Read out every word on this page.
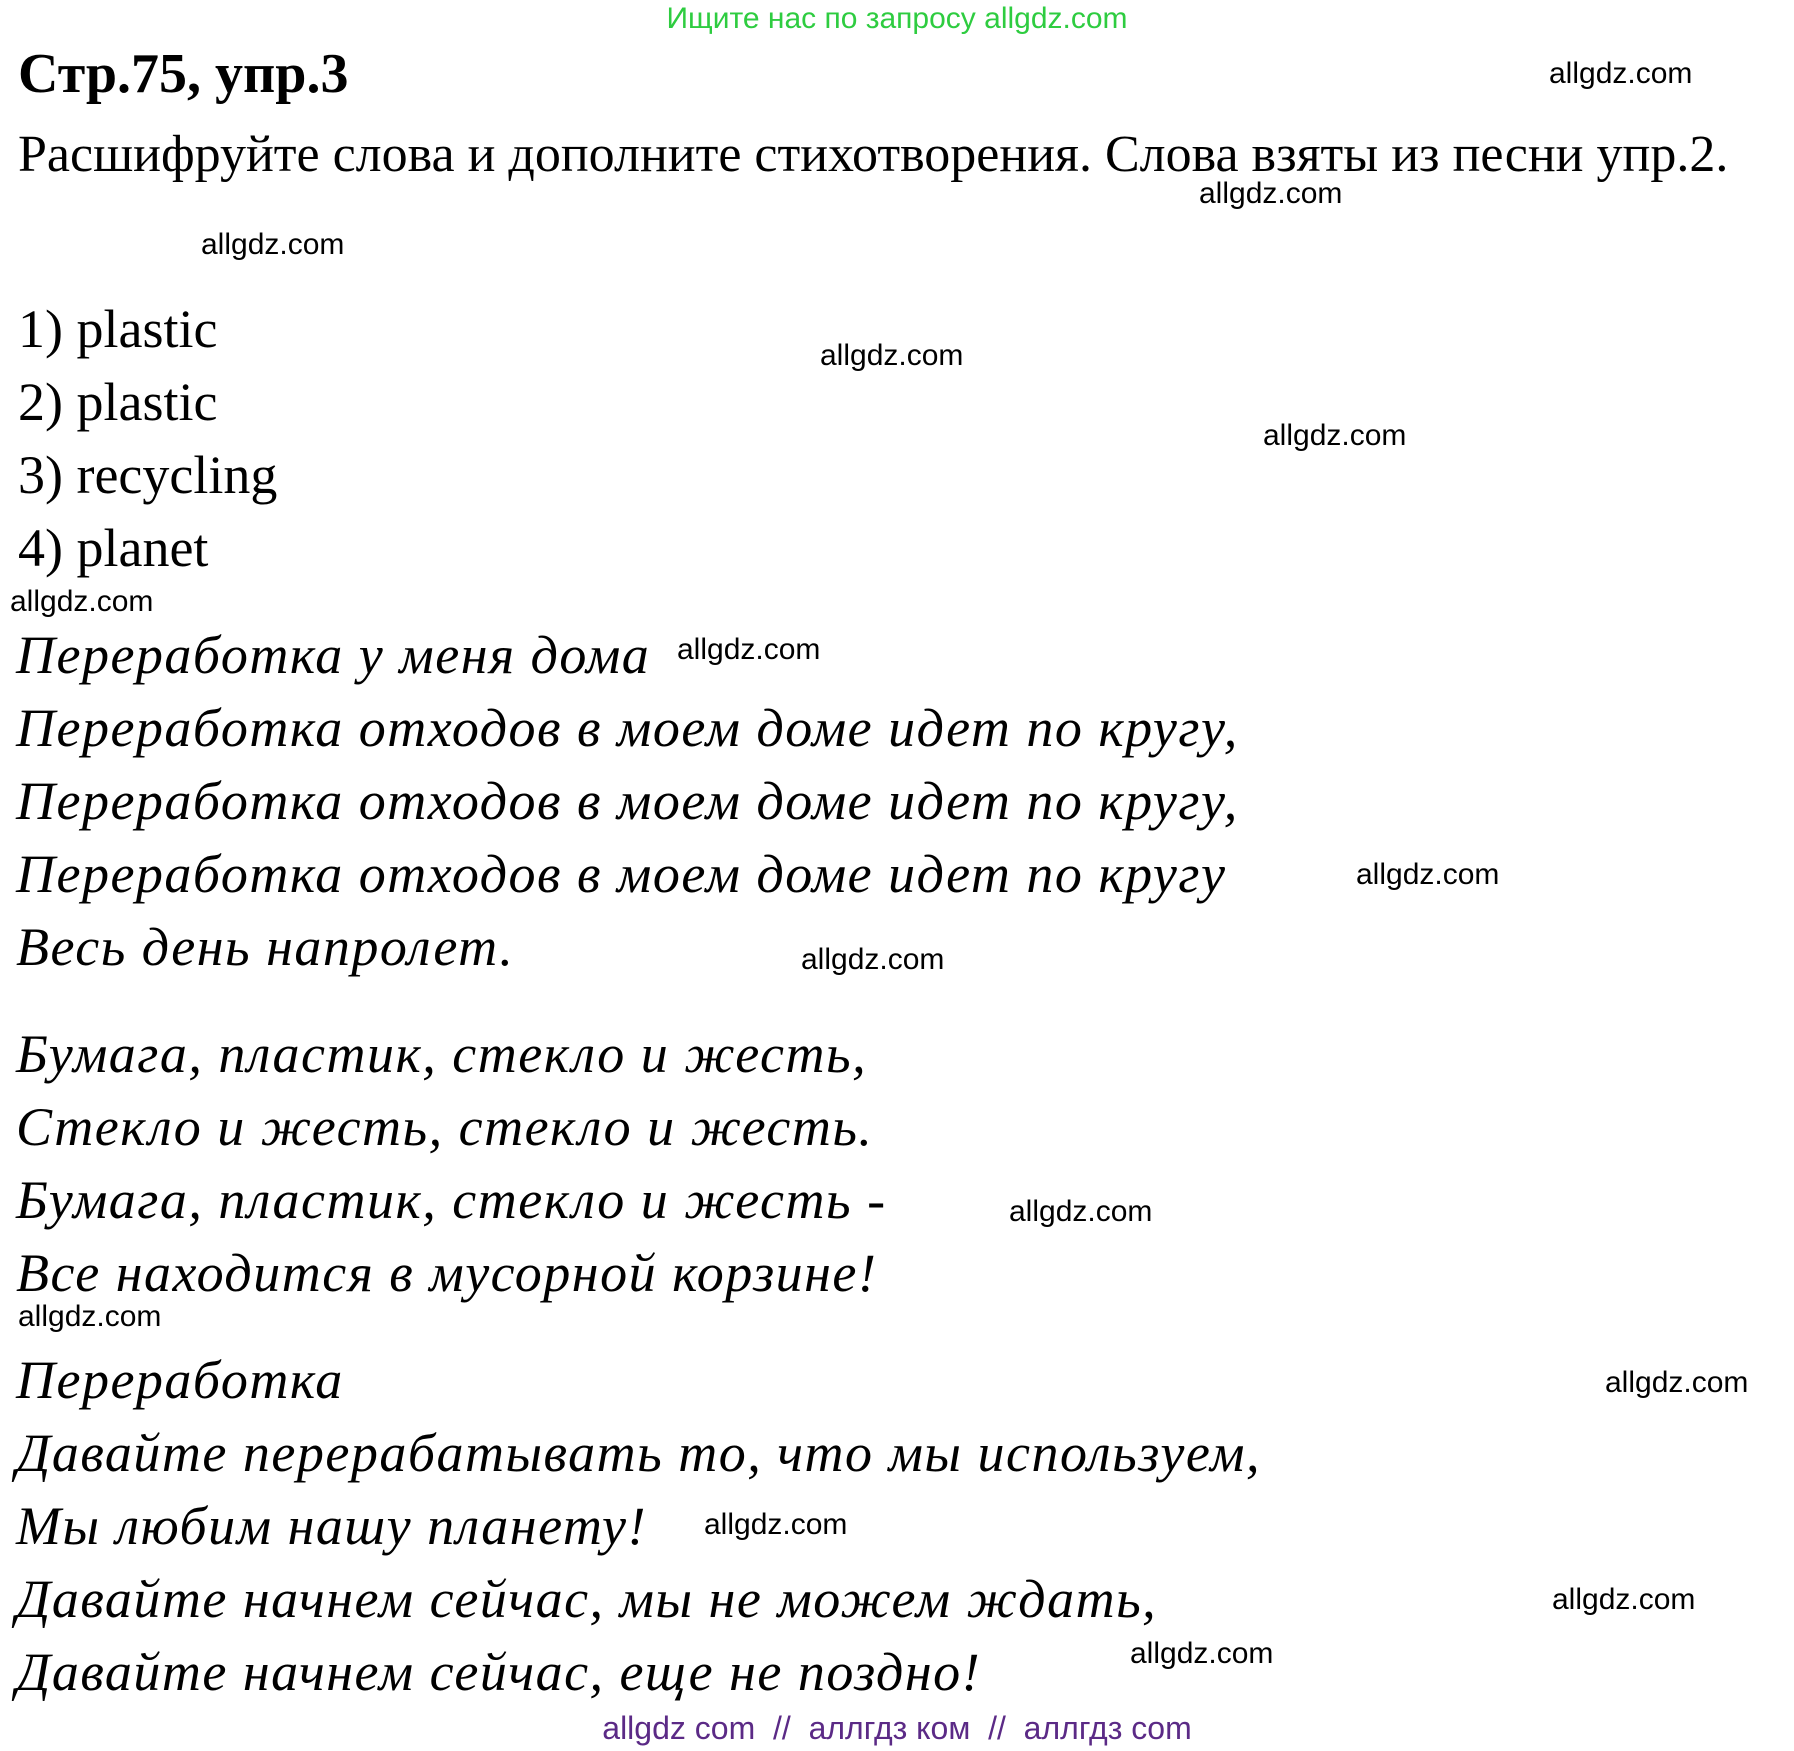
Ищите нас по запросу allgdz.com
Стр.75, упр.3
Расшифруйте слова и дополните стихотворения. Слова взяты из песни упр.2.
1) plastic
2) plastic
3) recycling
4) planet
Переработка у меня дома
Переработка отходов в моем доме идет по кругу,
Переработка отходов в моем доме идет по кругу,
Переработка отходов в моем доме идет по кругу
Весь день напролет.
Бумага, пластик, стекло и жесть,
Стекло и жесть, стекло и жесть.
Бумага, пластик, стекло и жесть -
Все находится в мусорной корзине!
Переработка
Давайте перерабатывать то, что мы используем,
Мы любим нашу планету!
Давайте начнем сейчас, мы не можем ждать,
Давайте начнем сейчас, еще не поздно!
allgdz.com
allgdz.com
allgdz.com
allgdz.com
allgdz.com
allgdz.com
allgdz.com
allgdz.com
allgdz.com
allgdz.com
allgdz.com
allgdz.com
allgdz.com
allgdz.com
allgdz.com
allgdz com  //  аллгдз ком  //  аллгдз com
